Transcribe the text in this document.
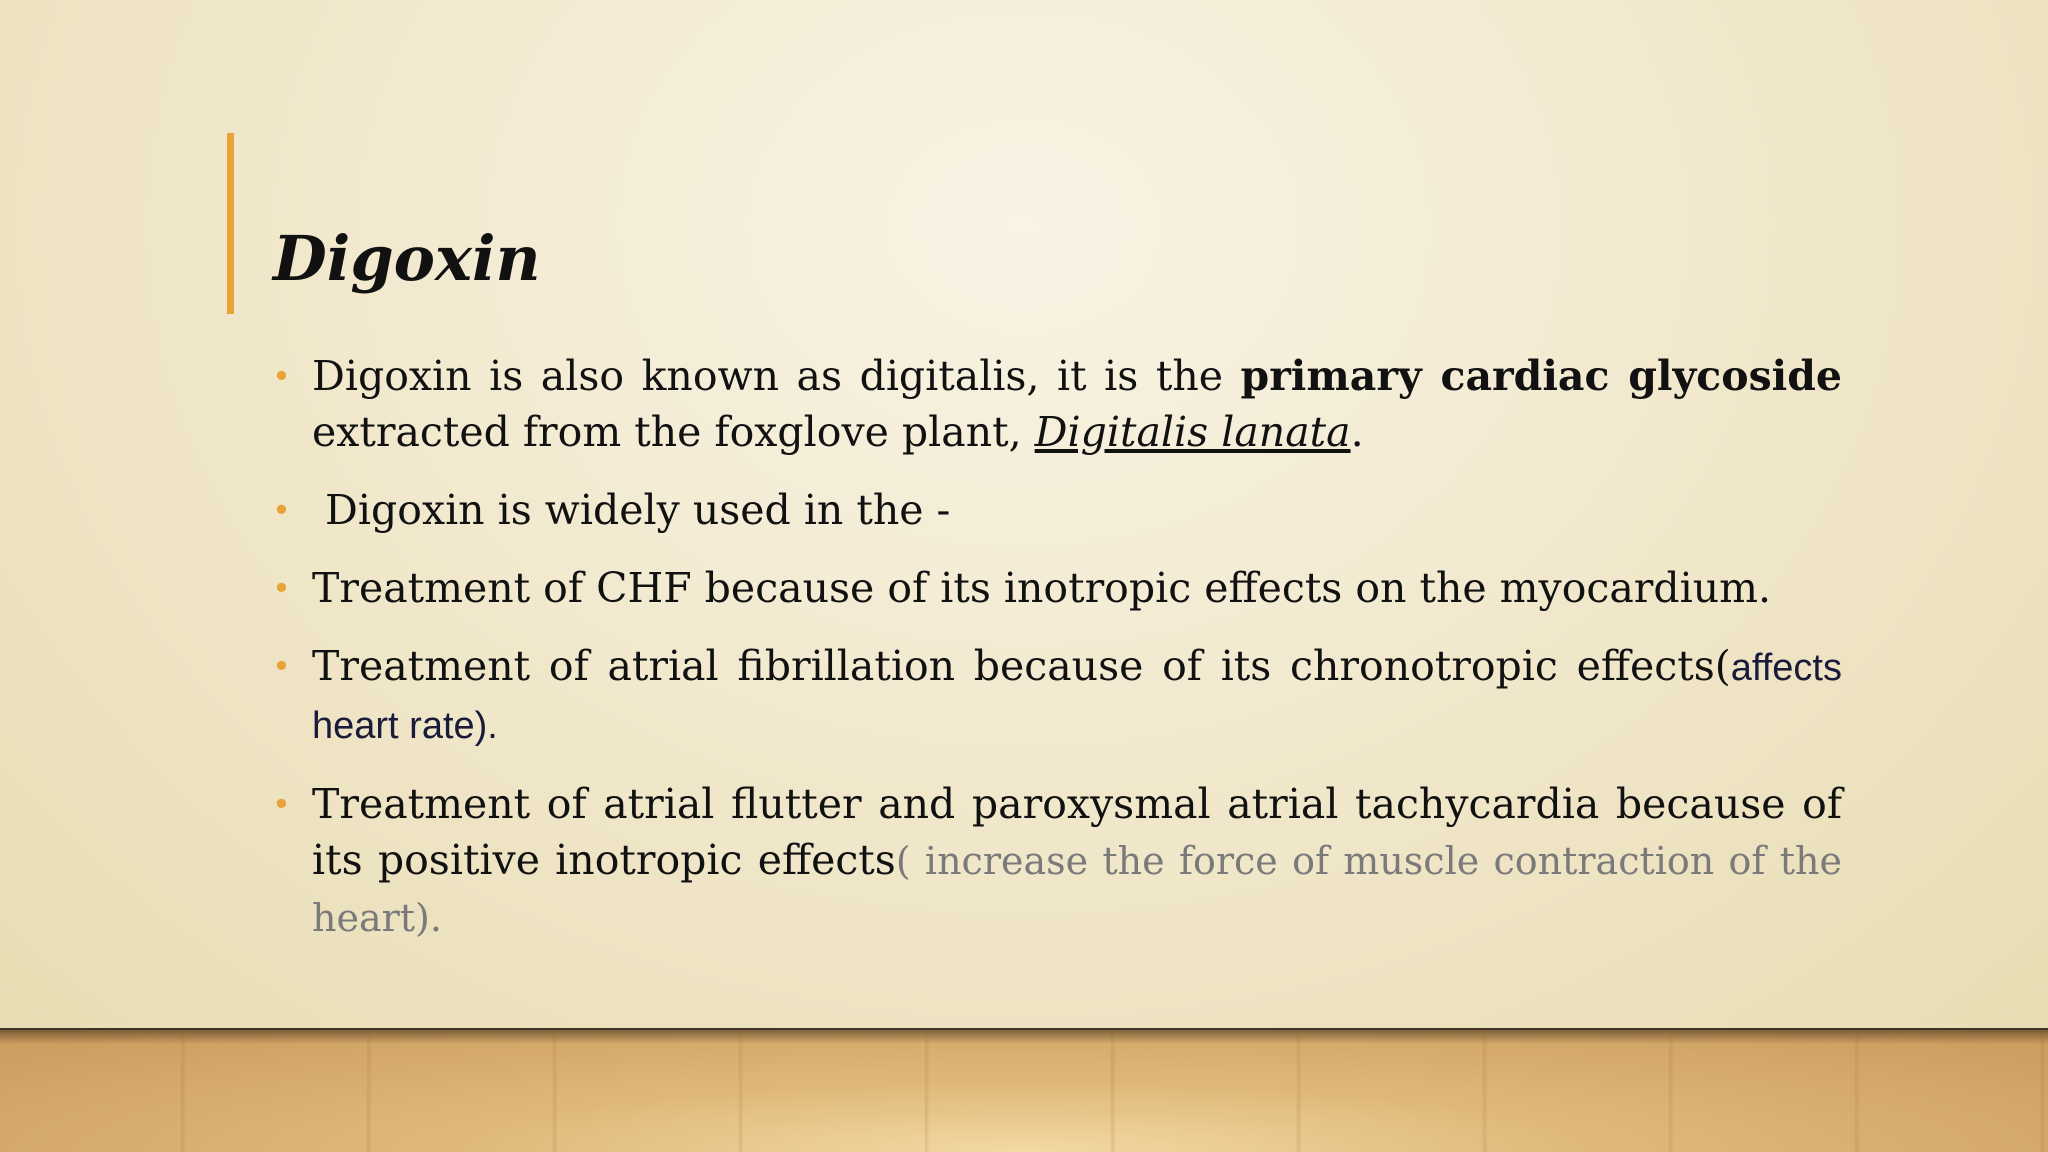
Digoxin
• Digoxin is also known as digitalis, it is the primary cardiac glycoside extracted from the foxglove plant, Digitalis lanata.
• Digoxin is widely used in the -
• Treatment of CHF because of its inotropic effects on the myocardium.
• Treatment of atrial fibrillation because of its chronotropic effects(affects heart rate).
• Treatment of atrial flutter and paroxysmal atrial tachycardia because of its positive inotropic effects( increase the force of muscle contraction of the heart).
